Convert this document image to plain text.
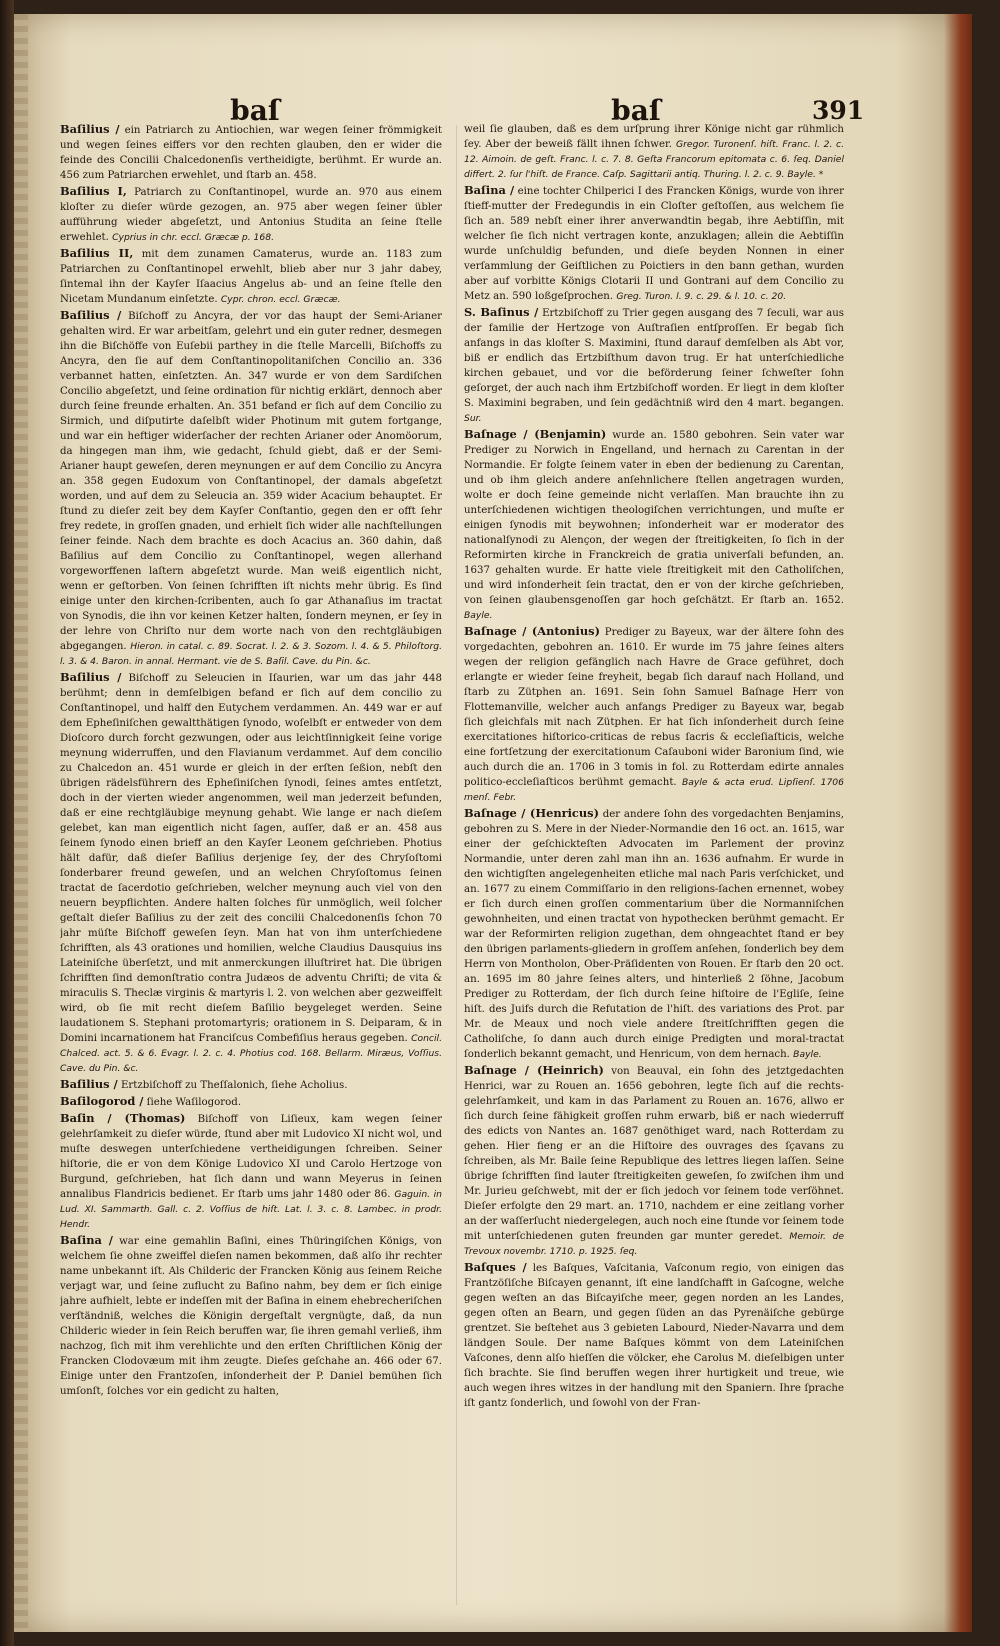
baſ	baſ	391

Baſilius / ein Patriarch zu Antiochien, war wegen ſeiner frömmigkeit und wegen ſeines eiffers vor den rechten glauben, den er wider die feinde des Concilii Chalcedonenſis vertheidigte, berühmt. Er wurde an. 456 zum Patriarchen erwehlet, und ſtarb an. 458.

Baſilius I, Patriarch zu Conſtantinopel, wurde an. 970 aus einem kloſter zu dieſer würde gezogen, an. 975 aber wegen ſeiner übler aufführung wieder abgeſetzt, und Antonius Studita an ſeine ſtelle erwehlet. Cyprius in chr. eccl. Græcæ p. 168.

Baſilius II, mit dem zunamen Camaterus, wurde an. 1183 zum Patriarchen zu Conſtantinopel erwehlt, blieb aber nur 3 jahr dabey, ſintemal ihn der Kayſer Iſaacius Angelus ab- und an ſeine ſtelle den Nicetam Mundanum einſetzte. Cypr. chron. eccl. Græcæ.

Baſilius / Biſchoff zu Ancyra, der vor das haupt der Semi-Arianer gehalten wird. Er war arbeitſam, gelehrt und ein guter redner, desmegen ihn die Biſchöffe von Euſebii parthey in die ſtelle Marcelli, Biſchoffs zu Ancyra, den ſie auf dem Conſtantinopolitaniſchen Concilio an. 336 verbannet hatten, einſetzten. An. 347 wurde er von dem Sardiſchen Concilio abgeſetzt, und ſeine ordination für nichtig erklärt, dennoch aber durch ſeine freunde erhalten. An. 351 befand er ſich auf dem Concilio zu Sirmich, und diſputirte daſelbſt wider Photinum mit gutem fortgange, und war ein heftiger widerſacher der rechten Arianer oder Anomöorum, da hingegen man ihm, wie gedacht, ſchuld giebt, daß er der Semi-Arianer haupt geweſen, deren meynungen er auf dem Concilio zu Ancyra an. 358 gegen Eudoxum von Conſtantinopel, der damals abgeſetzt worden, und auf dem zu Seleucia an. 359 wider Acacium behauptet. Er ſtund zu dieſer zeit bey dem Kayſer Conſtantio, gegen den er offt ſehr frey redete, in groſſen gnaden, und erhielt ſich wider alle nachſtellungen ſeiner feinde. Nach dem brachte es doch Acacius an. 360 dahin, daß Baſilius auf dem Concilio zu Conſtantinopel, wegen allerhand vorgeworffenen laſtern abgeſetzt wurde. Man weiß eigentlich nicht, wenn er geſtorben. Von ſeinen ſchrifften iſt nichts mehr übrig. Es ſind einige unter den kirchen-ſcribenten, auch ſo gar Athanaſius im tractat von Synodis, die ihn vor keinen Ketzer halten, ſondern meynen, er ſey in der lehre von Chriſto nur dem worte nach von den rechtgläubigen abgegangen. Hieron. in catal. c. 89. Socrat. l. 2. & 3. Sozom. l. 4. & 5. Philoſtorg. l. 3. & 4. Baron. in annal. Hermant. vie de S. Baſil. Cave. du Pin. &c.

Baſilius / Biſchoff zu Seleucien in Iſaurien, war um das jahr 448 berühmt; denn in demſelbigen befand er ſich auf dem concilio zu Conſtantinopel, und halff den Eutychem verdammen. An. 449 war er auf dem Epheſiniſchen gewaltthätigen ſynodo, woſelbſt er entweder von dem Dioſcoro durch forcht gezwungen, oder aus leichtſinnigkeit ſeine vorige meynung widerruffen, und den Flavianum verdammet. Auf dem concilio zu Chalcedon an. 451 wurde er gleich in der erſten ſeßion, nebſt den übrigen rädelsführern des Epheſiniſchen ſynodi, ſeines amtes entſetzt, doch in der vierten wieder angenommen, weil man jederzeit befunden, daß er eine rechtgläubige meynung gehabt. Wie lange er nach dieſem gelebet, kan man eigentlich nicht ſagen, auſſer, daß er an. 458 aus ſeinem ſynodo einen brieff an den Kayſer Leonem geſchrieben. Photius hält dafür, daß dieſer Baſilius derjenige ſey, der des Chryſoſtomi ſonderbarer freund geweſen, und an welchen Chryſoſtomus ſeinen tractat de ſacerdotio geſchrieben, welcher meynung auch viel von den neuern beypflichten. Andere halten ſolches für unmöglich, weil ſolcher geſtalt dieſer Baſilius zu der zeit des concilii Chalcedonenſis ſchon 70 jahr müſte Biſchoff geweſen ſeyn. Man hat von ihm unterſchiedene ſchrifften, als 43 orationes und homilien, welche Claudius Dausquius ins Lateiniſche überſetzt, und mit anmerckungen illuſtriret hat. Die übrigen ſchrifften ſind demonſtratio contra Judæos de adventu Chriſti; de vita & miraculis S. Theclæ virginis & martyris l. 2. von welchen aber gezweiffelt wird, ob ſie mit recht dieſem Baſilio beygeleget werden. Seine laudationem S. Stephani protomartyris; orationem in S. Deiparam, & in Domini incarnationem hat Franciſcus Combefiſius heraus gegeben. Concil. Chalced. act. 5. & 6. Evagr. l. 2. c. 4. Photius cod. 168. Bellarm. Miræus, Voſſius. Cave. du Pin. &c.

Baſilius / Ertzbiſchoff zu Theſſalonich, ſiehe Acholius.

Baſilogorod / ſiehe Waſilogorod.

Baſin / (Thomas) Biſchoff von Liſieux, kam wegen ſeiner gelehrſamkeit zu dieſer würde, ſtund aber mit Ludovico XI nicht wol, und muſte deswegen unterſchiedene vertheidigungen ſchreiben. Seiner hiſtorie, die er von dem Könige Ludovico XI und Carolo Hertzoge von Burgund, geſchrieben, hat ſich dann und wann Meyerus in ſeinen annalibus Flandricis bedienet. Er ſtarb ums jahr 1480 oder 86. Gaguin. in Lud. XI. Sammarth. Gall. c. 2. Voſſius de hiſt. Lat. l. 3. c. 8. Lambec. in prodr. Hendr.

Baſina / war eine gemahlin Baſini, eines Thüringiſchen Königs, von welchem ſie ohne zweiffel dieſen namen bekommen, daß alſo ihr rechter name unbekannt iſt. Als Childeric der Francken König aus ſeinem Reiche verjagt war, und ſeine zuflucht zu Baſino nahm, bey dem er ſich einige jahre aufhielt, lebte er indeſſen mit der Baſina in einem ehebrecheriſchen verſtändniß, welches die Königin dergeſtalt vergnügte, daß, da nun Childeric wieder in ſein Reich beruffen war, ſie ihren gemahl verließ, ihm nachzog, ſich mit ihm verehlichte und den erſten Chriſtlichen König der Francken Clodovæum mit ihm zeugte. Dieſes geſchahe an. 466 oder 67. Einige unter den Frantzoſen, inſonderheit der P. Daniel bemühen ſich umſonſt, ſolches vor ein gedicht zu halten,

weil ſie glauben, daß es dem urſprung ihrer Könige nicht gar rühmlich ſey. Aber der beweiß fällt ihnen ſchwer. Gregor. Turonenſ. hiſt. Franc. l. 2. c. 12. Aimoin. de geſt. Franc. l. c. 7. 8. Geſta Francorum epitomata c. 6. ſeq. Daniel differt. 2. ſur l'hiſt. de France. Caſp. Sagittarii antiq. Thuring. l. 2. c. 9. Bayle. *

Baſina / eine tochter Chilperici I des Francken Königs, wurde von ihrer ſtieff-mutter der Fredegundis in ein Cloſter geſtoſſen, aus welchem ſie ſich an. 589 nebſt einer ihrer anverwandtin begab, ihre Aebtiſſin, mit welcher ſie ſich nicht vertragen konte, anzuklagen; allein die Aebtiſſin wurde unſchuldig befunden, und dieſe beyden Nonnen in einer verſammlung der Geiſtlichen zu Poictiers in den bann gethan, wurden aber auf vorbitte Königs Clotarii II und Gontrani auf dem Concilio zu Metz an. 590 loßgeſprochen. Greg. Turon. l. 9. c. 29. & l. 10. c. 20.

S. Baſinus / Ertzbiſchoff zu Trier gegen ausgang des 7 ſeculi, war aus der familie der Hertzoge von Auſtraſien entſproſſen. Er begab ſich anfangs in das kloſter S. Maximini, ſtund darauf demſelben als Abt vor, biß er endlich das Ertzbiſthum davon trug. Er hat unterſchiedliche kirchen gebauet, und vor die beförderung ſeiner ſchweſter ſohn geſorget, der auch nach ihm Ertzbiſchoff worden. Er liegt in dem kloſter S. Maximini begraben, und ſein gedächtniß wird den 4 mart. begangen. Sur.

Baſnage / (Benjamin) wurde an. 1580 gebohren. Sein vater war Prediger zu Norwich in Engelland, und hernach zu Carentan in der Normandie. Er folgte ſeinem vater in eben der bedienung zu Carentan, und ob ihm gleich andere anſehnlichere ſtellen angetragen wurden, wolte er doch ſeine gemeinde nicht verlaſſen. Man brauchte ihn zu unterſchiedenen wichtigen theologiſchen verrichtungen, und muſte er einigen ſynodis mit beywohnen; inſonderheit war er moderator des nationalſynodi zu Alençon, der wegen der ſtreitigkeiten, ſo ſich in der Reformirten kirche in Franckreich de gratia univerſali befunden, an. 1637 gehalten wurde. Er hatte viele ſtreitigkeit mit den Catholiſchen, und wird inſonderheit ſein tractat, den er von der kirche geſchrieben, von ſeinen glaubensgenoſſen gar hoch geſchätzt. Er ſtarb an. 1652. Bayle.

Baſnage / (Antonius) Prediger zu Bayeux, war der ältere ſohn des vorgedachten, gebohren an. 1610. Er wurde im 75 jahre ſeines alters wegen der religion gefänglich nach Havre de Grace geführet, doch erlangte er wieder ſeine freyheit, begab ſich darauf nach Holland, und ſtarb zu Zütphen an. 1691. Sein ſohn Samuel Baſnage Herr von Flottemanville, welcher auch anfangs Prediger zu Bayeux war, begab ſich gleichfals mit nach Zütphen. Er hat ſich inſonderheit durch ſeine exercitationes hiſtorico-criticas de rebus ſacris & eccleſiaſticis, welche eine fortſetzung der exercitationum Caſauboni wider Baronium ſind, wie auch durch die an. 1706 in 3 tomis in fol. zu Rotterdam edirte annales politico-eccleſiaſticos berühmt gemacht. Bayle & acta erud. Lipſienſ. 1706 menſ. Febr.

Baſnage / (Henricus) der andere ſohn des vorgedachten Benjamins, gebohren zu S. Mere in der Nieder-Normandie den 16 oct. an. 1615, war einer der geſchickteſten Advocaten im Parlement der provinz Normandie, unter deren zahl man ihn an. 1636 aufnahm. Er wurde in den wichtigſten angelegenheiten etliche mal nach Paris verſchicket, und an. 1677 zu einem Commiſſario in den religions-ſachen ernennet, wobey er ſich durch einen groſſen commentarium über die Normanniſchen gewohnheiten, und einen tractat von hypothecken berühmt gemacht. Er war der Reformirten religion zugethan, dem ohngeachtet ſtand er bey den übrigen parlaments-gliedern in groſſem anſehen, ſonderlich bey dem Herrn von Montholon, Ober-Präſidenten von Rouen. Er ſtarb den 20 oct. an. 1695 im 80 jahre ſeines alters, und hinterließ 2 ſöhne, Jacobum Prediger zu Rotterdam, der ſich durch ſeine hiſtoire de l'Egliſe, ſeine hiſt. des Juifs durch die Refutation de l'hiſt. des variations des Prot. par Mr. de Meaux und noch viele andere ſtreitſchrifften gegen die Catholiſche, ſo dann auch durch einige Predigten und moral-tractat ſonderlich bekannt gemacht, und Henricum, von dem hernach. Bayle.

Baſnage / (Heinrich) von Beauval, ein ſohn des jetztgedachten Henrici, war zu Rouen an. 1656 gebohren, legte ſich auf die rechts-gelehrſamkeit, und kam in das Parlament zu Rouen an. 1676, allwo er ſich durch ſeine fähigkeit groſſen ruhm erwarb, biß er nach wiederruff des edicts von Nantes an. 1687 genöthiget ward, nach Rotterdam zu gehen. Hier fieng er an die Hiſtoire des ouvrages des ſçavans zu ſchreiben, als Mr. Baile ſeine Republique des lettres liegen laſſen. Seine übrige ſchrifften ſind lauter ſtreitigkeiten geweſen, ſo zwiſchen ihm und Mr. Jurieu geſchwebt, mit der er ſich jedoch vor ſeinem tode verſöhnet. Dieſer erfolgte den 29 mart. an. 1710, nachdem er eine zeitlang vorher an der waſſerſucht niedergelegen, auch noch eine ſtunde vor ſeinem tode mit unterſchiedenen guten freunden gar munter geredet. Memoir. de Trevoux novembr. 1710. p. 1925. ſeq.

Baſques / les Baſques, Vaſcitania, Vaſconum regio, von einigen das Frantzöſiſche Biſcayen genannt, iſt eine landſchafft in Gaſcogne, welche gegen weſten an das Biſcayiſche meer, gegen norden an les Landes, gegen oſten an Bearn, und gegen ſüden an das Pyrenäiſche gebürge grentzet. Sie beſtehet aus 3 gebieten Labourd, Nieder-Navarra und dem ländgen Soule. Der name Baſques kömmt von dem Lateiniſchen Vaſcones, denn alſo hieſſen die völcker, ehe Carolus M. dieſelbigen unter ſich brachte. Sie ſind beruffen wegen ihrer hurtigkeit und treue, wie auch wegen ihres witzes in der handlung mit den Spaniern. Ihre ſprache iſt gantz ſonderlich, und ſowohl von der Fran-
